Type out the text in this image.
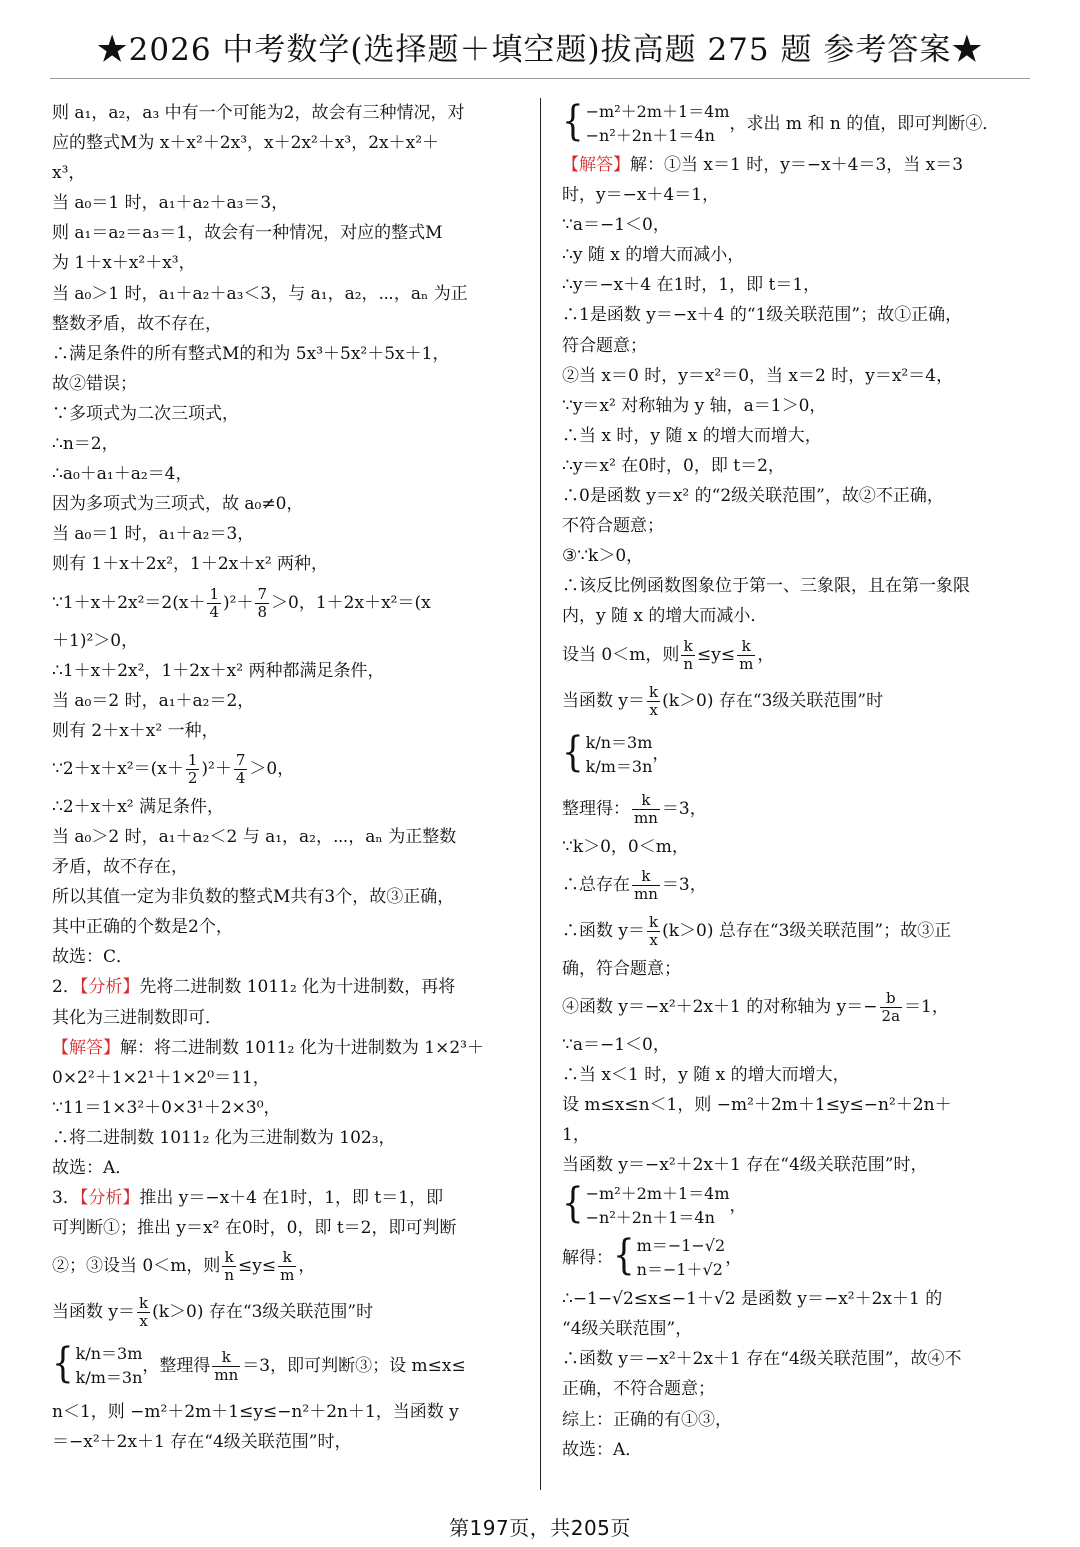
★2026 中考数学(选择题＋填空题)拔高题 275 题 参考答案★
则 a₁，a₂，a₃ 中有一个可能为2，故会有三种情况，对
应的整式M为 x＋x²＋2x³，x＋2x²＋x³，2x＋x²＋
x³，
当 a₀＝1 时，a₁＋a₂＋a₃＝3，
则 a₁＝a₂＝a₃＝1，故会有一种情况，对应的整式M
为 1＋x＋x²＋x³，
当 a₀＞1 时，a₁＋a₂＋a₃＜3，与 a₁，a₂，⋯，aₙ 为正
整数矛盾，故不存在，
∴满足条件的所有整式M的和为 5x³＋5x²＋5x＋1，
故②错误；
∵多项式为二次三项式，
∴n＝2，
∴a₀＋a₁＋a₂＝4，
因为多项式为三项式，故 a₀≠0，
当 a₀＝1 时，a₁＋a₂＝3，
则有 1＋x＋2x²，1＋2x＋x² 两种，
∵1＋x＋2x²＝2(x＋ $\frac{1}{4} )^2+ \frac{7}{8} >0$，1＋2x＋x²＝(x
＋1)²＞0，
∴1＋x＋2x²，1＋2x＋x² 两种都满足条件，
当 a₀＝2 时，a₁＋a₂＝2，
则有 2＋x＋x² 一种，
∵2＋x＋x²＝(x＋ $\frac{1}{2} )^2+ \frac{7}{4} >0$，
∴2＋x＋x² 满足条件，
当 a₀＞2 时，a₁＋a₂＜2 与 a₁，a₂，⋯，aₙ 为正整数
矛盾，故不存在，
所以其值一定为非负数的整式M共有3个，故③正确，
其中正确的个数是2个，
故选：C．
2．【分析】先将二进制数 1011₂ 化为十进制数，再将
其化为三进制数即可．
【解答】解：将二进制数 1011₂ 化为十进制数为 1×2³＋
0×2²＋1×2¹＋1×2⁰＝11，
∵11＝1×3²＋0×3¹＋2×3⁰，
∴将二进制数 1011₂ 化为三进制数为 102₃，
故选：A．
3．【分析】推出 y＝−x＋4 在1时，1，即 t＝1，即
可判断①；推出 y＝x² 在0时，0，即 t＝2，即可判断
②；③设当 0＜m，则 $\frac{k}{n} \le y\le \frac{k}{m}$ ，
当函数 $y= \frac{k}{x} (k>0)$ 存在“3级关联范围”时
{ k/n＝3m
k/m＝3n
，整理得 $\frac{k}{mn} =3$，即可判断③；设 m≤x≤
n＜1，则 −m²＋2m＋1≤y≤−n²＋2n＋1，当函数 y
＝−x²＋2x＋1 存在“4级关联范围”时，
{ −m²＋2m＋1＝4m
−n²＋2n＋1＝4n
，求出 m 和 n 的值，即可判断④．
【解答】解：①当 x＝1 时，y＝−x＋4＝3，当 x＝3
时，y＝−x＋4＝1，
∵a＝−1＜0，
∴y 随 x 的增大而减小，
∴y＝−x＋4 在1时，1，即 t＝1，
∴1是函数 y＝−x＋4 的“1级关联范围”；故①正确，
符合题意；
②当 x＝0 时，y＝x²＝0，当 x＝2 时，y＝x²＝4，
∵y＝x² 对称轴为 y 轴，a＝1＞0，
∴当 x 时，y 随 x 的增大而增大，
∴y＝x² 在0时，0，即 t＝2，
∴0是函数 y＝x² 的“2级关联范围”，故②不正确，
不符合题意；
③∵k＞0，
∴该反比例函数图象位于第一、三象限，且在第一象限
内，y 随 x 的增大而减小．
设当 0＜m，则 $\frac{k}{n} \le y\le \frac{k}{m}$ ，
当函数 $y= \frac{k}{x} (k>0)$ 存在“3级关联范围”时
{ k/n＝3m
k/m＝3n
，
整理得： $\frac{k}{mn} =3$，
∵k＞0，0＜m，
∴总存在 $\frac{k}{mn} =3$，
∴函数 $y= \frac{k}{x} (k>0)$ 总存在“3级关联范围”；故③正
确，符合题意；
④函数 y＝−x²＋2x＋1 的对称轴为 $y=- \frac{b}{2a} =1$，
∵a＝−1＜0，
∴当 x＜1 时，y 随 x 的增大而增大，
设 m≤x≤n＜1，则 −m²＋2m＋1≤y≤−n²＋2n＋
1，
当函数 y＝−x²＋2x＋1 存在“4级关联范围”时，
{ −m²＋2m＋1＝4m
−n²＋2n＋1＝4n
，
解得： { m＝−1−√2
n＝−1＋√2
，
∴−1−√2≤x≤−1＋√2 是函数 y＝−x²＋2x＋1 的
“4级关联范围”，
∴函数 y＝−x²＋2x＋1 存在“4级关联范围”，故④不
正确，不符合题意；
综上：正确的有①③，
故选：A．
第197页，共205页
